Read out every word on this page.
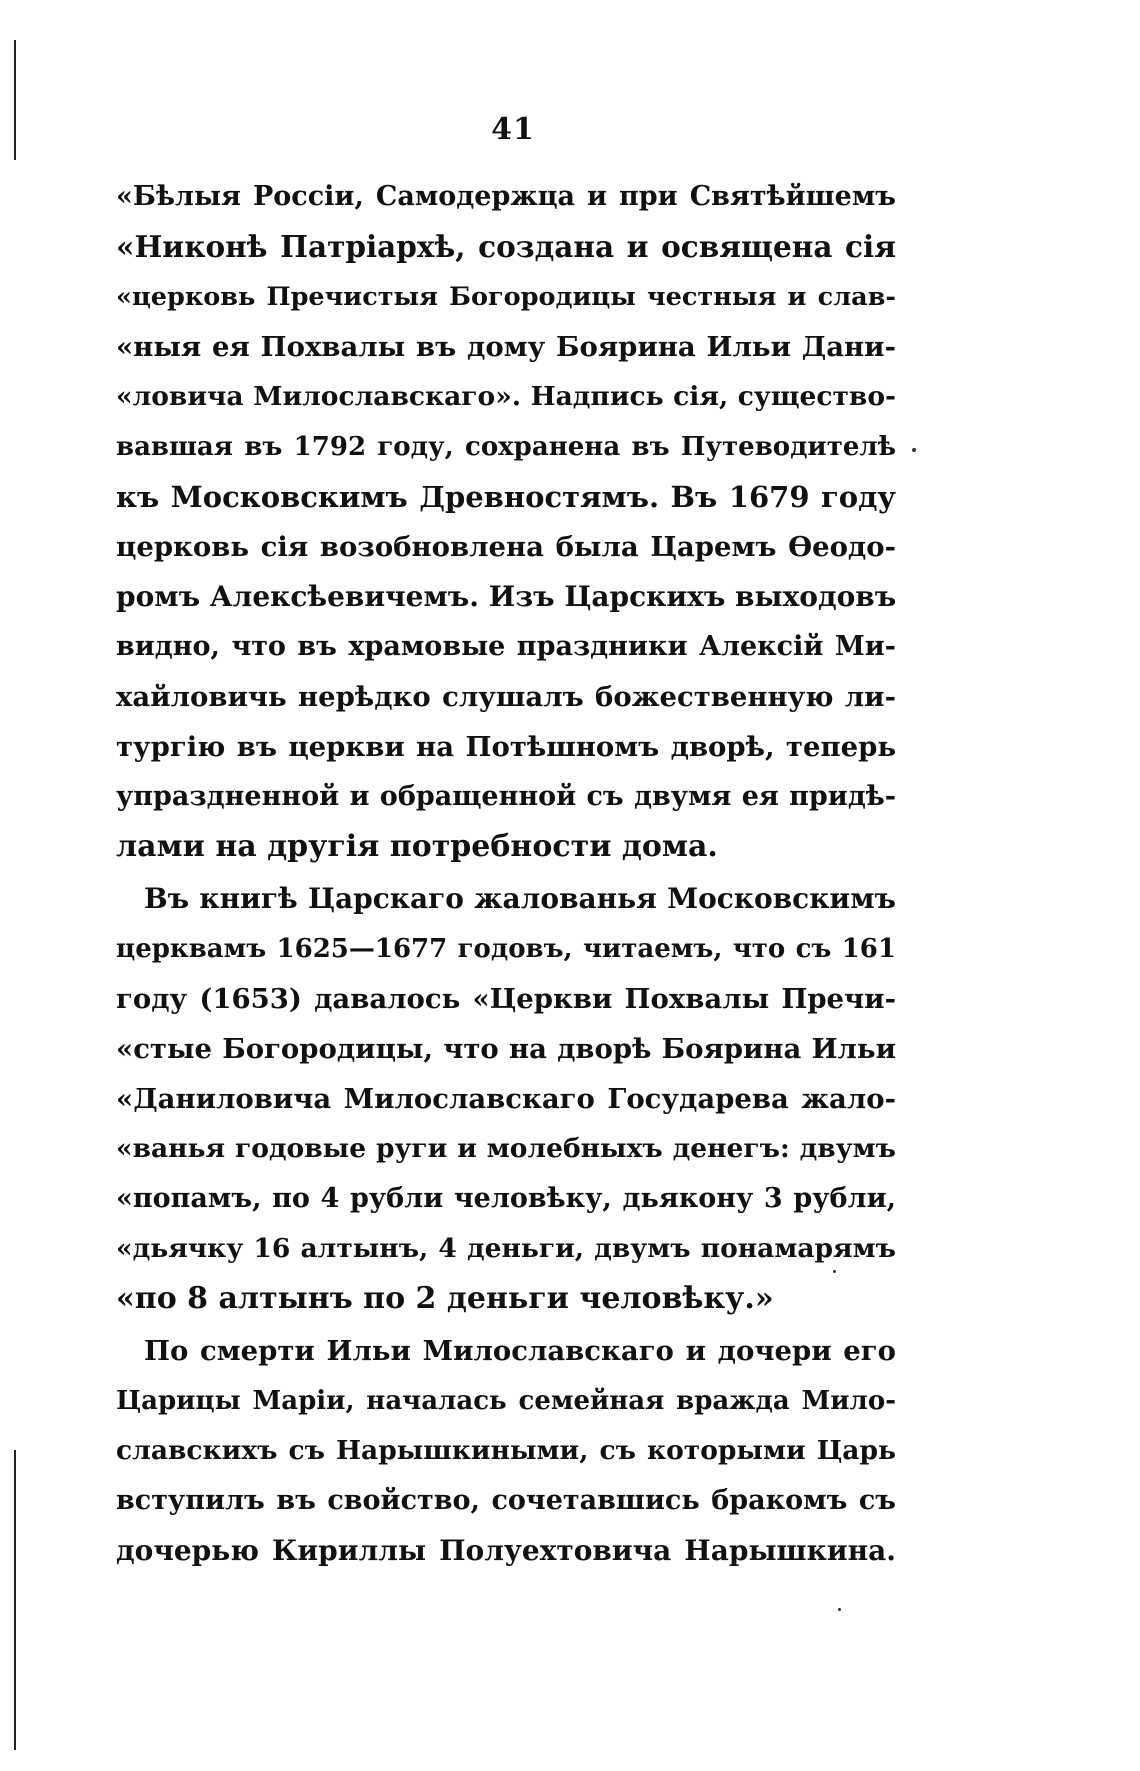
41
«Бѣлыя Россіи, Самодержца и при Святѣйшемъ
«Никонѣ Патріархѣ, создана и освящена сія
«церковь Пречистыя Богородицы честныя и слав-
«ныя ея Похвалы въ дому Боярина Ильи Дани-
«ловича Милославскаго». Надпись сія, существо-
вавшая въ 1792 году, сохранена въ Путеводителѣ
къ Московскимъ Древностямъ. Въ 1679 году
церковь сія возобновлена была Царемъ Ѳеодо-
ромъ Алексѣевичемъ. Изъ Царскихъ выходовъ
видно, что въ храмовые праздники Алексій Ми-
хайловичь нерѣдко слушалъ божественную ли-
тургію въ церкви на Потѣшномъ дворѣ, теперь
упраздненной и обращенной съ двумя ея придѣ-
лами на другія потребности дома.
Въ книгѣ Царскаго жалованья Московскимъ
церквамъ 1625—1677 годовъ, читаемъ, что съ 161
году (1653) давалось «Церкви Похвалы Пречи-
«стые Богородицы, что на дворѣ Боярина Ильи
«Даниловича Милославскаго Государева жало-
«ванья годовые руги и молебныхъ денегъ: двумъ
«попамъ, по 4 рубли человѣку, дьякону 3 рубли,
«дьячку 16 алтынъ, 4 деньги, двумъ понамарямъ
«по 8 алтынъ по 2 деньги человѣку.»
По смерти Ильи Милославскаго и дочери его
Царицы Маріи, началась семейная вражда Мило-
славскихъ съ Нарышкиными, съ которыми Царь
вступилъ въ свойство, сочетавшись бракомъ съ
дочерью Кириллы Полуехтовича Нарышкина.
